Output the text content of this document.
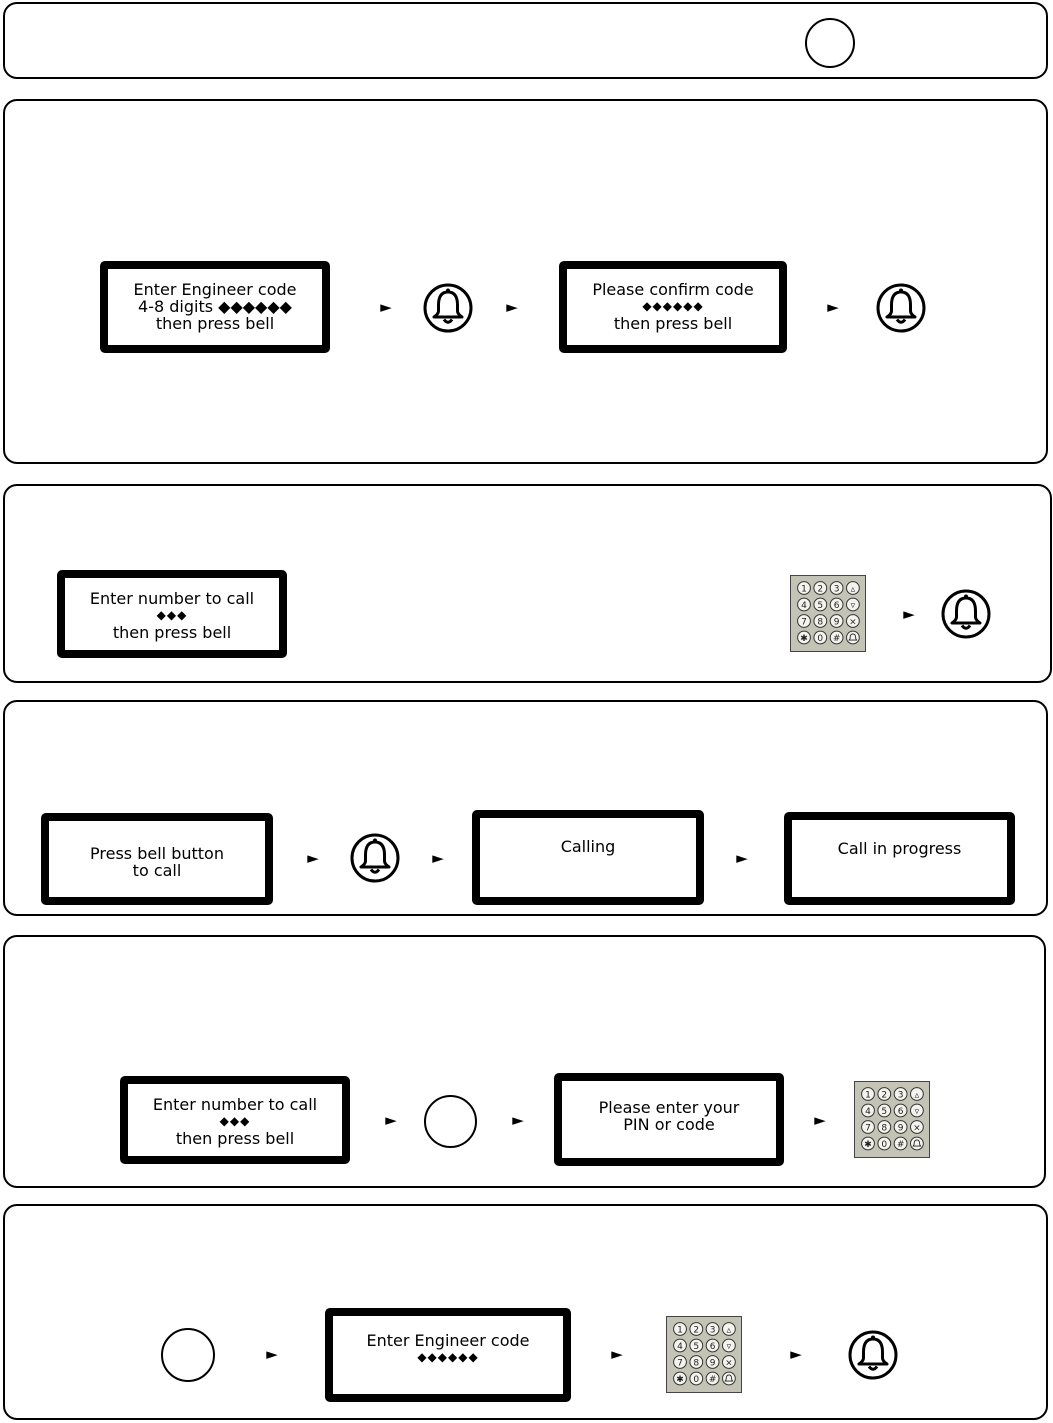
Enter Engineer code
4-8 digits ◆◆◆◆◆◆
then press bell
►	►
Please confirm code
◆◆◆◆◆◆
then press bell
►
Enter number to call
◆◆◆
then press bell
►
Press bell button
to call
►	►
Calling
►	Call in progress
Enter number to call
◆◆◆
then press bell
►	►
Please enter your
PIN or code	►
►
Enter Engineer code
◆◆◆◆◆◆	►	►
